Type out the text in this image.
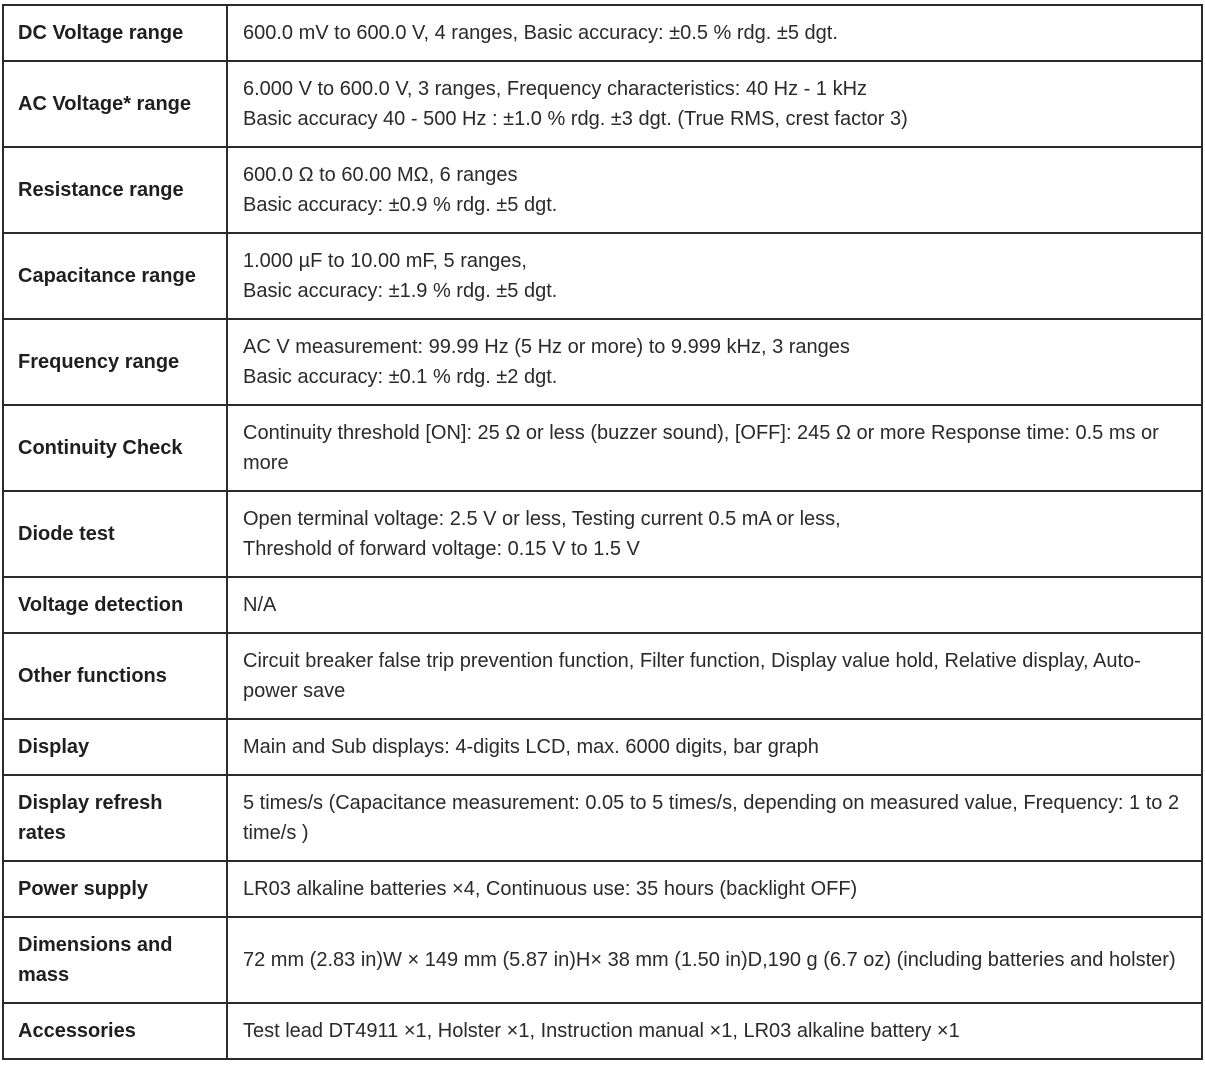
DC Voltage range	600.0 mV to 600.0 V, 4 ranges, Basic accuracy: ±0.5 % rdg. ±5 dgt.

AC Voltage* range	6.000 V to 600.0 V, 3 ranges, Frequency characteristics: 40 Hz - 1 kHz
Basic accuracy 40 - 500 Hz : ±1.0 % rdg. ±3 dgt. (True RMS, crest factor 3)

Resistance range	600.0 Ω to 60.00 MΩ, 6 ranges
Basic accuracy: ±0.9 % rdg. ±5 dgt.

Capacitance range	1.000 µF to 10.00 mF, 5 ranges,
Basic accuracy: ±1.9 % rdg. ±5 dgt.

Frequency range	AC V measurement: 99.99 Hz (5 Hz or more) to 9.999 kHz, 3 ranges
Basic accuracy: ±0.1 % rdg. ±2 dgt.

Continuity Check	Continuity threshold [ON]: 25 Ω or less (buzzer sound), [OFF]: 245 Ω or more Response time: 0.5 ms or more

Diode test	Open terminal voltage: 2.5 V or less, Testing current 0.5 mA or less,
Threshold of forward voltage: 0.15 V to 1.5 V

Voltage detection	N/A

Other functions	Circuit breaker false trip prevention function, Filter function, Display value hold, Relative display, Auto-power save

Display	Main and Sub displays: 4-digits LCD, max. 6000 digits, bar graph

Display refresh rates	5 times/s (Capacitance measurement: 0.05 to 5 times/s, depending on measured value, Frequency: 1 to 2 time/s )

Power supply	LR03 alkaline batteries ×4, Continuous use: 35 hours (backlight OFF)

Dimensions and mass	72 mm (2.83 in)W × 149 mm (5.87 in)H× 38 mm (1.50 in)D,190 g (6.7 oz) (including batteries and holster)

Accessories	Test lead DT4911 ×1, Holster ×1, Instruction manual ×1, LR03 alkaline battery ×1
